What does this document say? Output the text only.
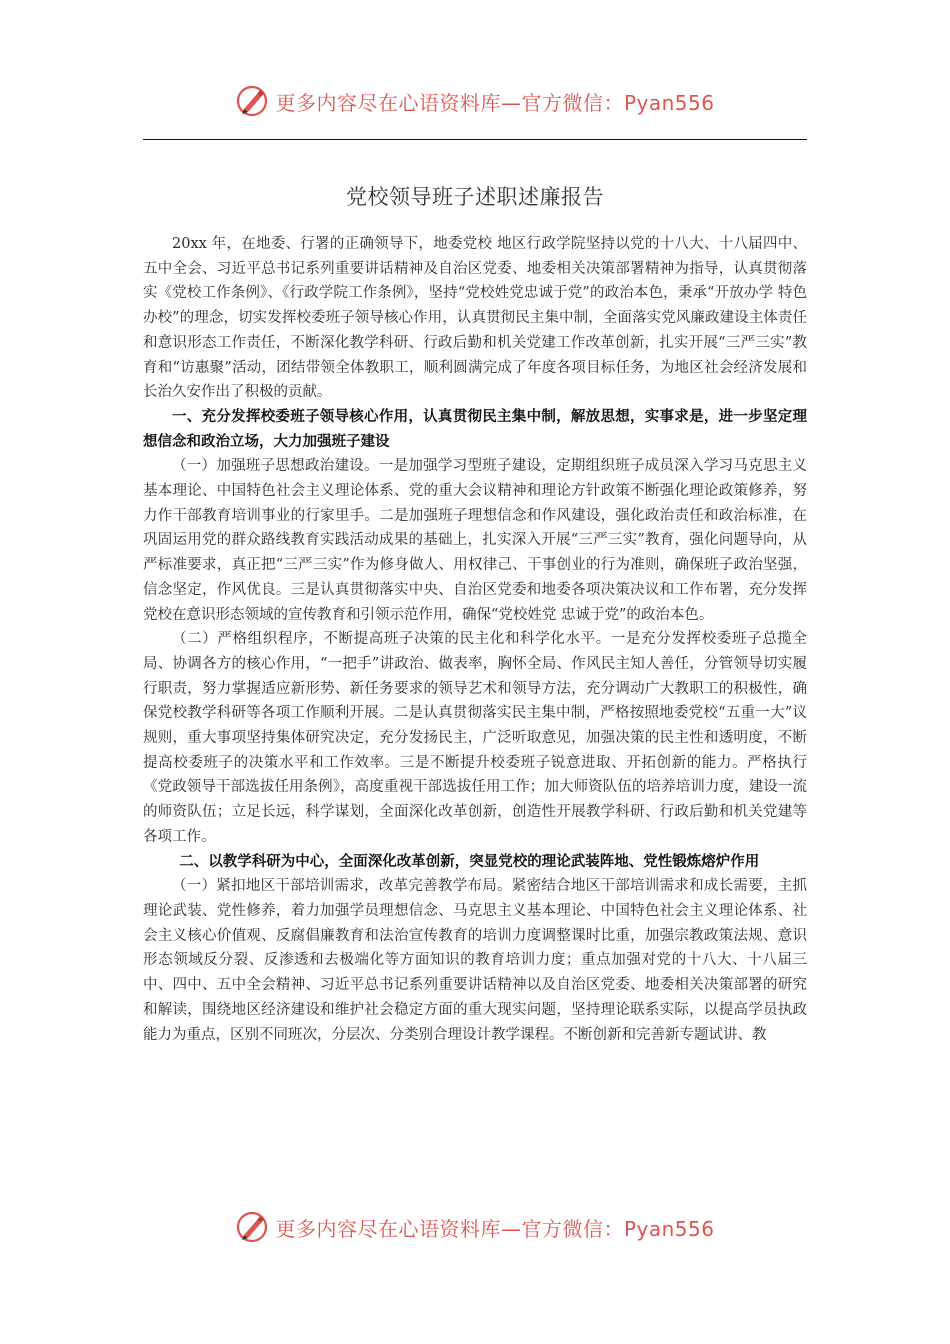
更多内容尽在心语资料库—官方微信：Pyan556
党校领导班子述职述廉报告

20xx 年，在地委、行署的正确领导下，地委党校 地区行政学院坚持以党的十八大、十八届四中、五中全会、习近平总书记系列重要讲话精神及自治区党委、地委相关决策部署精神为指导，认真贯彻落实《党校工作条例》、《行政学院工作条例》，坚持“党校姓党忠诚于党”的政治本色，秉承“开放办学 特色办校”的理念，切实发挥校委班子领导核心作用，认真贯彻民主集中制，全面落实党风廉政建设主体责任和意识形态工作责任，不断深化教学科研、行政后勤和机关党建工作改革创新，扎实开展“三严三实”教育和“访惠聚”活动，团结带领全体教职工，顺利圆满完成了年度各项目标任务，为地区社会经济发展和长治久安作出了积极的贡献。

一、充分发挥校委班子领导核心作用，认真贯彻民主集中制，解放思想，实事求是，进一步坚定理想信念和政治立场，大力加强班子建设

（一）加强班子思想政治建设。一是加强学习型班子建设，定期组织班子成员深入学习马克思主义基本理论、中国特色社会主义理论体系、党的重大会议精神和理论方针政策不断强化理论政策修养，努力作干部教育培训事业的行家里手。二是加强班子理想信念和作风建设，强化政治责任和政治标准，在巩固运用党的群众路线教育实践活动成果的基础上，扎实深入开展“三严三实”教育，强化问题导向，从严标准要求，真正把“三严三实”作为修身做人、用权律己、干事创业的行为准则，确保班子政治坚强，信念坚定，作风优良。三是认真贯彻落实中央、自治区党委和地委各项决策决议和工作布署，充分发挥党校在意识形态领域的宣传教育和引领示范作用，确保“党校姓党 忠诚于党”的政治本色。

（二）严格组织程序，不断提高班子决策的民主化和科学化水平。一是充分发挥校委班子总揽全局、协调各方的核心作用，“一把手”讲政治、做表率，胸怀全局、作风民主知人善任，分管领导切实履行职责，努力掌握适应新形势、新任务要求的领导艺术和领导方法，充分调动广大教职工的积极性，确保党校教学科研等各项工作顺利开展。二是认真贯彻落实民主集中制，严格按照地委党校“五重一大”议规则，重大事项坚持集体研究决定，充分发扬民主，广泛听取意见，加强决策的民主性和透明度，不断提高校委班子的决策水平和工作效率。三是不断提升校委班子锐意进取、开拓创新的能力。严格执行《党政领导干部选拔任用条例》，高度重视干部选拔任用工作；加大师资队伍的培养培训力度，建设一流的师资队伍；立足长远，科学谋划，全面深化改革创新，创造性开展教学科研、行政后勤和机关党建等各项工作。

二、以教学科研为中心，全面深化改革创新，突显党校的理论武装阵地、党性锻炼熔炉作用

（一）紧扣地区干部培训需求，改革完善教学布局。紧密结合地区干部培训需求和成长需要，主抓理论武装、党性修养，着力加强学员理想信念、马克思主义基本理论、中国特色社会主义理论体系、社会主义核心价值观、反腐倡廉教育和法治宣传教育的培训力度调整课时比重，加强宗教政策法规、意识形态领域反分裂、反渗透和去极端化等方面知识的教育培训力度；重点加强对党的十八大、十八届三中、四中、五中全会精神、习近平总书记系列重要讲话精神以及自治区党委、地委相关决策部署的研究和解读，围绕地区经济建设和维护社会稳定方面的重大现实问题，坚持理论联系实际，以提高学员执政能力为重点，区别不同班次，分层次、分类别合理设计教学课程。不断创新和完善新专题试讲、教

更多内容尽在心语资料库—官方微信：Pyan556
